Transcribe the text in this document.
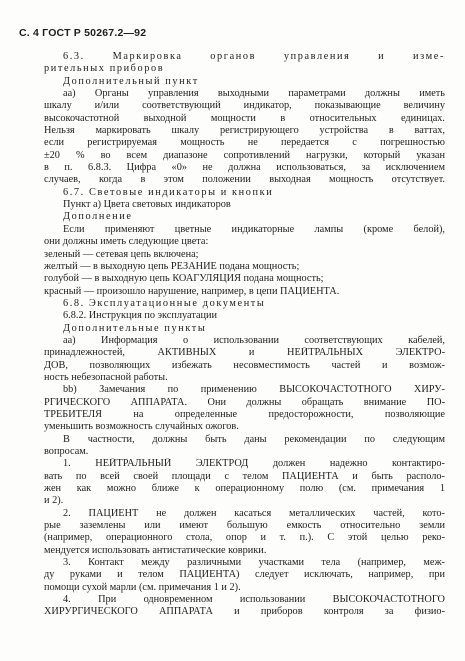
С. 4 ГОСТ Р 50267.2—92
6.3. Маркировка органов управления и изме-
рительных приборов
Дополнительный пункт
аа) Органы управления выходными параметрами должны иметь
шкалу и/или соответствующий индикатор, показывающие величину
высокочастотной выходной мощности в относительных единицах.
Нельзя маркировать шкалу регистрирующего устройства в ваттах,
если регистрируемая мощность не передается с погрешностью
±20 % во всем диапазоне сопротивлений нагрузки, который указан
в п. 6.8.3. Цифра «0» не должна использоваться, за исключением
случаев, когда в этом положении выходная мощность отсутствует.
6.7. Световые индикаторы и кнопки
Пункт а) Цвета световых индикаторов
Дополнение
Если применяют цветные индикаторные лампы (кроме белой),
они должны иметь следующие цвета:
зеленый — сетевая цепь включена;
желтый — в выходную цепь РЕЗАНИЕ подана мощность;
голубой — в выходную цепь КОАГУЛЯЦИЯ подана мощность;
красный — произошло нарушение, например, в цепи ПАЦИЕНТА.
6.8. Эксплуатационные документы
6.8.2. Инструкция по эксплуатации
Дополнительные пункты
аа) Информация о использовании соответствующих кабелей,
принадлежностей, АКТИВНЫХ и НЕЙТРАЛЬНЫХ ЭЛЕКТРО-
ДОВ, позволяющих избежать несовместимость частей и возмож-
ность небезопасной работы.
bb) Замечания по применению ВЫСОКОЧАСТОТНОГО ХИРУ-
РГИЧЕСКОГО АППАРАТА. Они должны обращать внимание ПО-
ТРЕБИТЕЛЯ на определенные предосторожности, позволяющие
уменьшить возможность случайных ожогов.
В частности, должны быть даны рекомендации по следующим
вопросам.
1. НЕЙТРАЛЬНЫЙ ЭЛЕКТРОД должен надежно контактиро-
вать по всей своей площади с телом ПАЦИЕНТА и быть располо-
жен как можно ближе к операционному полю (см. примечания 1
и 2).
2. ПАЦИЕНТ не должен касаться металлических частей, кото-
рые заземлены или имеют большую емкость относительно земли
(например, операционного стола, опор и т. п.). С этой целью реко-
мендуется использовать антистатические коврики.
3. Контакт между различными участками тела (например, меж-
ду руками и телом ПАЦИЕНТА) следует исключать, например, при
помощи сухой марли (см. примечания 1 и 2).
4. При одновременном использовании ВЫСОКОЧАСТОТНОГО
ХИРУРГИЧЕСКОГО АППАРАТА и приборов контроля за физио-
